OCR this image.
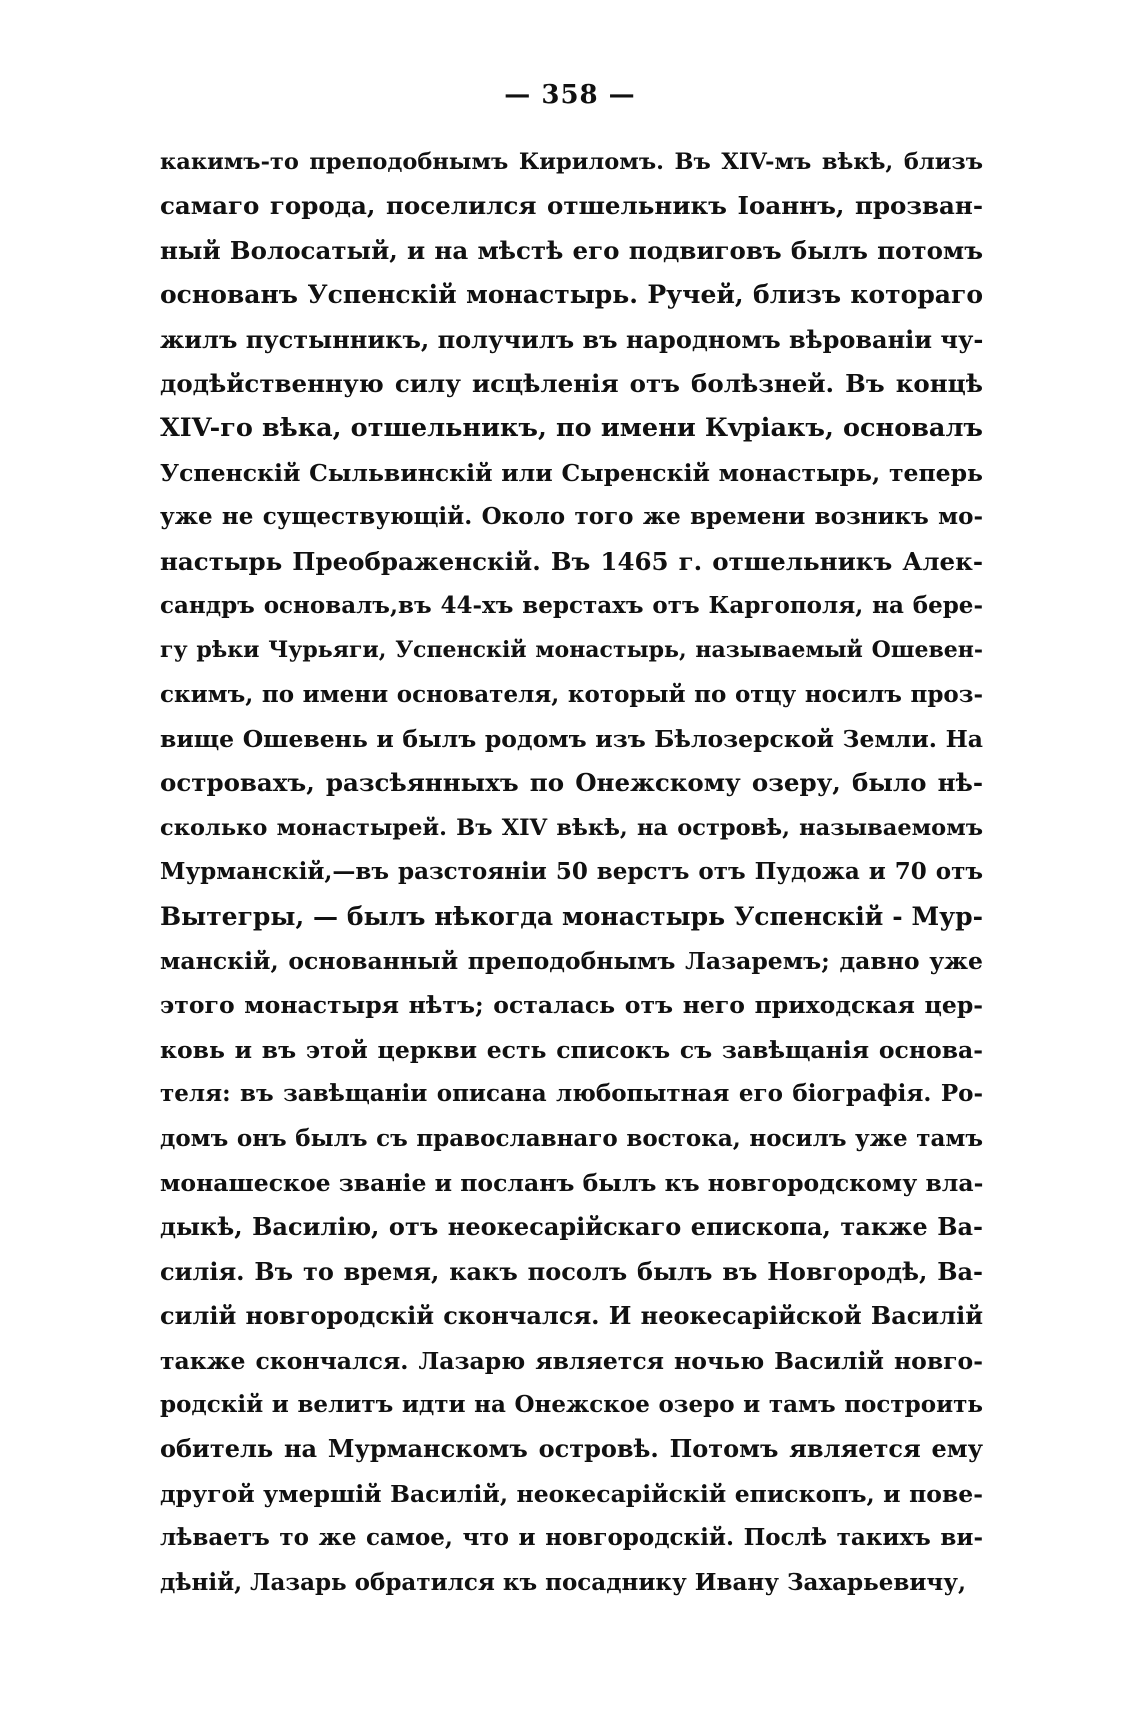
— 358 —
какимъ-то преподобнымъ Кириломъ. Въ XIV-мъ вѣкѣ, близъ
самаго города, поселился отшельникъ Іоаннъ, прозван-
ный Волосатый, и на мѣстѣ его подвиговъ былъ потомъ
основанъ Успенскій монастырь. Ручей, близъ котораго
жилъ пустынникъ, получилъ въ народномъ вѣрованіи чу-
додѣйственную силу исцѣленія отъ болѣзней. Въ концѣ
XIV-го вѣка, отшельникъ, по имени Кvріакъ, основалъ
Успенскій Сыльвинскій или Сыренскій монастырь, теперь
уже не существующій. Около того же времени возникъ мо-
настырь Преображенскій. Въ 1465 г. отшельникъ Алек-
сандръ основалъ,въ 44-хъ верстахъ отъ Каргополя, на бере-
гу рѣки Чурьяги, Успенскій монастырь, называемый Ошевен-
скимъ, по имени основателя, который по отцу носилъ проз-
вище Ошевень и былъ родомъ изъ Бѣлозерской Земли. На
островахъ, разсѣянныхъ по Онежскому озеру, было нѣ-
сколько монастырей. Въ XIV вѣкѣ, на островѣ, называемомъ
Мурманскій,—въ разстояніи 50 верстъ отъ Пудожа и 70 отъ
Вытегры, — былъ нѣкогда монастырь Успенскій - Мур-
манскій, основанный преподобнымъ Лазаремъ; давно уже
этого монастыря нѣтъ; осталась отъ него приходская цер-
ковь и въ этой церкви есть списокъ съ завѣщанія основа-
теля: въ завѣщаніи описана любопытная его біографія. Ро-
домъ онъ былъ съ православнаго востока, носилъ уже тамъ
монашеское званіе и посланъ былъ къ новгородскому вла-
дыкѣ, Василію, отъ неокесарійскаго епископа, также Ва-
силія. Въ то время, какъ посолъ былъ въ Новгородѣ, Ва-
силій новгородскій скончался. И неокесарійской Василій
также скончался. Лазарю является ночью Василій новго-
родскій и велитъ идти на Онежское озеро и тамъ построить
обитель на Мурманскомъ островѣ. Потомъ является ему
другой умершій Василій, неокесарійскій епископъ, и пове-
лѣваетъ то же самое, что и новгородскій. Послѣ такихъ ви-
дѣній, Лазарь обратился къ посаднику Ивану Захарьевичу,
